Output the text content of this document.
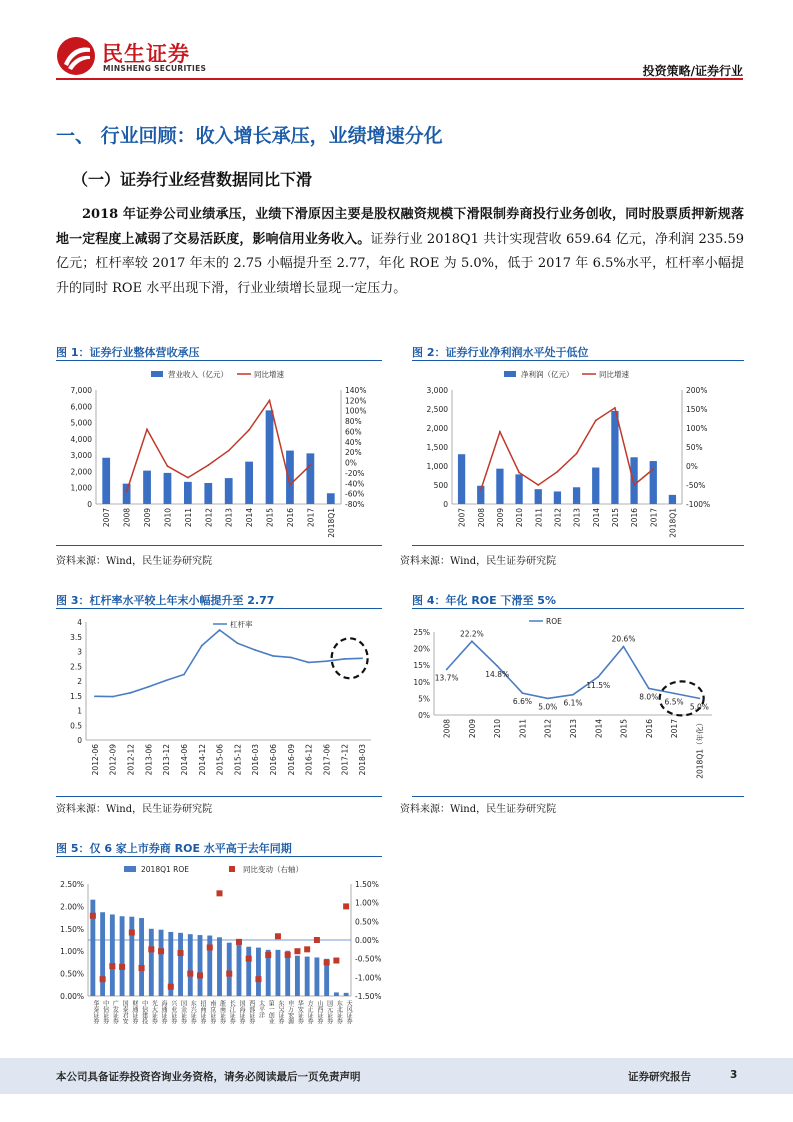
民生证券
MINSHENG SECURITIES	投资策略/证券行业
一、 行业回顾：收入增长承压，业绩增速分化
（一）证券行业经营数据同比下滑
2018 年证券公司业绩承压，业绩下滑原因主要是股权融资规模下滑限制券商投行业务创收，同时股票质押新规落地一定程度上减弱了交易活跃度，影响信用业务收入。证券行业 2018Q1 共计实现营收 659.64 亿元，净利润 235.59 亿元；杠杆率较 2017 年末的 2.75 小幅提升至 2.77，年化 ROE 为 5.0%，低于 2017 年 6.5%水平，杠杆率小幅提升的同时 ROE 水平出现下滑，行业业绩增长显现一定压力。
图 1：证券行业整体营收承压
7,000
6,000
5,000
4,000
3,000
2,000
1,000
0
140%
120%
100%
80%
60%
40%
20%
0%
-20%
-40%
-60%
-80%
营业收入（亿元）	同比增速
2007 2008 2009 2010 2011 2012 2013 2014 2015 2016 2017 2018Q1
资料来源：Wind，民生证券研究院
图 2：证券行业净利润水平处于低位
3,000
2,500
2,000
1,500
1,000
500
0
200%
150%
100%
50%
0%
-50%
-100%
净利润（亿元）	同比增速
2007 2008 2009 2010 2011 2012 2013 2014 2015 2016 2017 2018Q1
资料来源：Wind，民生证券研究院
图 3：杠杆率水平较上年末小幅提升至 2.77
4
3.5
3
2.5
2
1.5
1
0.5
0
杠杆率
2012-06 2012-09 2012-12 2013-06 2013-12 2014-06 2014-12 2015-06 2015-12 2016-03 2016-06 2016-09 2016-12 2017-06 2017-12 2018-03
资料来源：Wind，民生证券研究院
图 4：年化 ROE 下滑至 5%
25%
20%
15%
10%
5%
0%
13.7%
22.2%
14.8%
6.6%
5.0% 6.1%
11.5%
20.6%
8.0%
6.5%
5.0%
ROE
2008 2009 2010 2011 2012 2013 2014 2015 2016 2017 2018Q1（年化）
资料来源：Wind，民生证券研究院
图 5：仅 6 家上市券商 ROE 水平高于去年同期
2.50%
2.00%
1.50%
1.00%
0.50%
0.00%
1.50%
1.00%
0.50%
0.00%
-0.50%
-1.00%
-1.50%
2018Q1 ROE	同比变动（右轴）
华泰证券 中信证券 广发证券 国泰君安 财通证券 中信建投 光大证券 海通证券 兴业证券 国金证券 东兴证券 招商证券 南京证券 浙商证券 长江证券 国海证券 西部证券 太平洋 第一创业 东吴证券 申万宏源 华安证券 方正证券 山西证券 国元证券 东北证券 天风证券
本公司具备证券投资咨询业务资格，请务必阅读最后一页免责声明	证券研究报告	3
